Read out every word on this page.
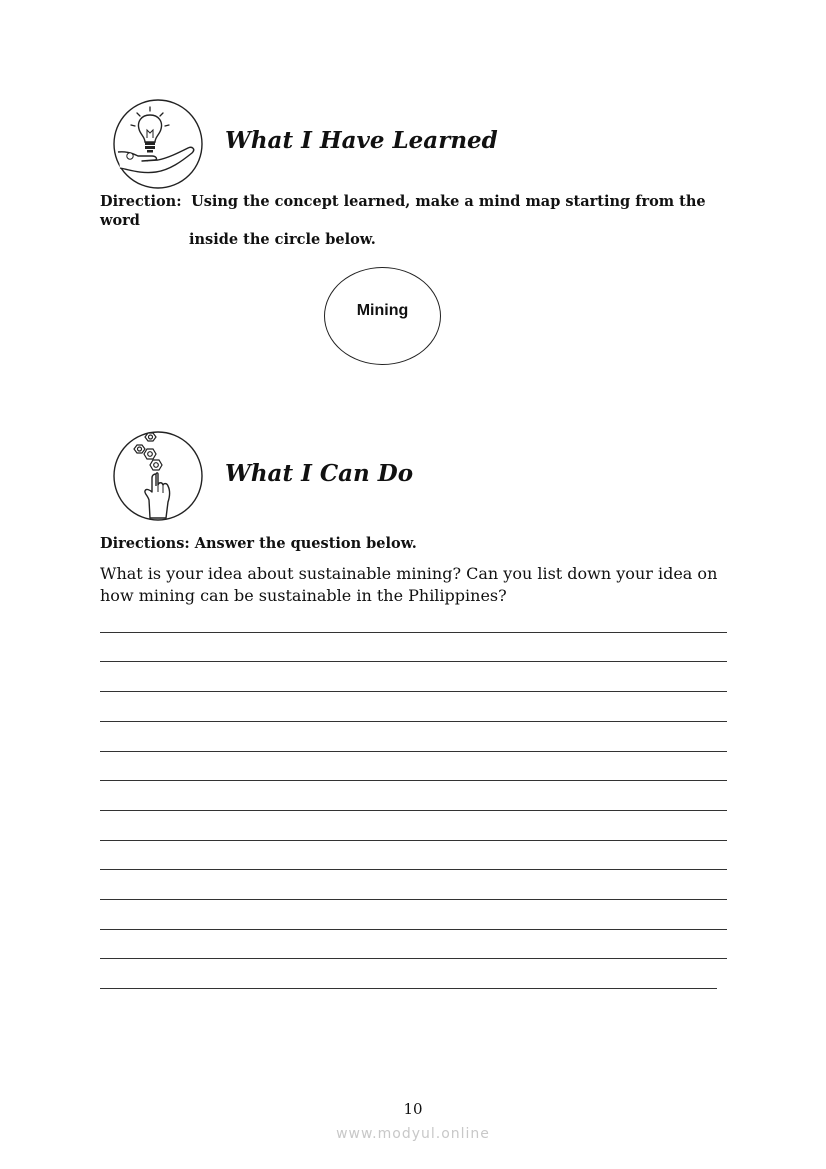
What I Have Learned
Direction: Using the concept learned, make a mind map starting from the word
inside the circle below.
Mining
What I Can Do
Directions: Answer the question below.
What is your idea about sustainable mining? Can you list down your idea on how mining can be sustainable in the Philippines?
10
www.modyul.online
